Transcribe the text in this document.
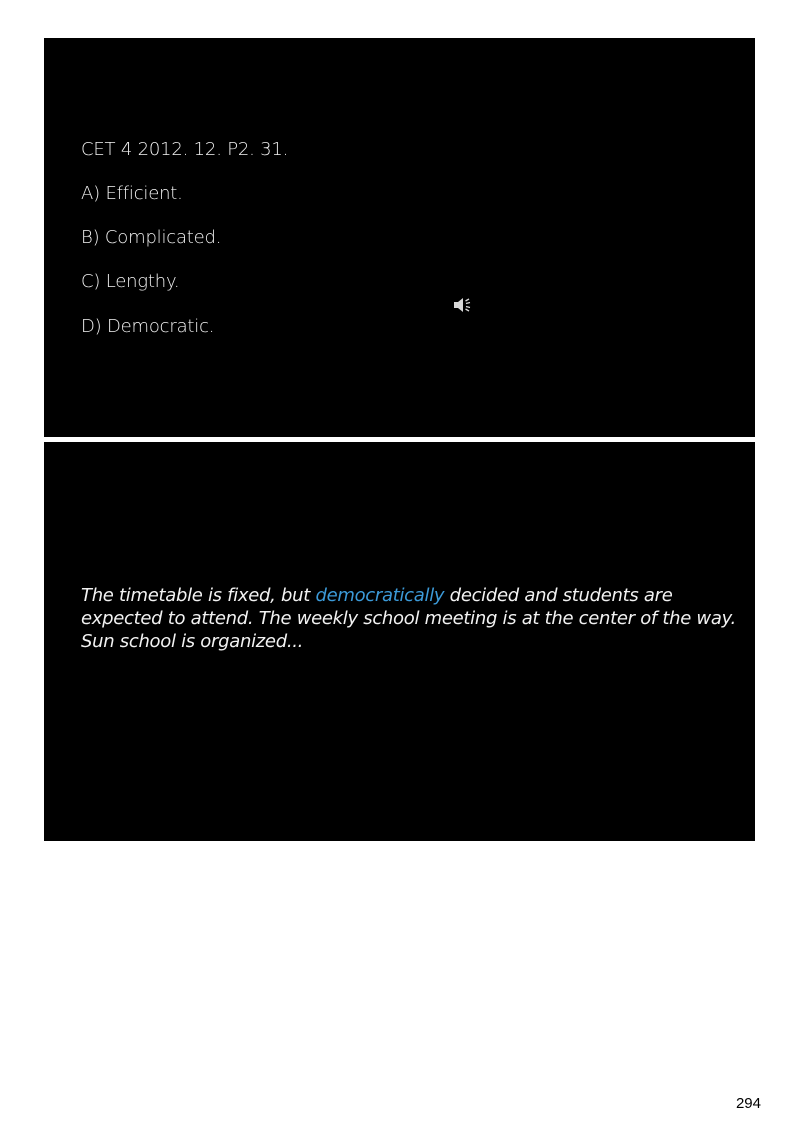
CET 4 2012. 12. P2. 31.
A) Efficient.
B) Complicated.
C) Lengthy.
D) Democratic.
The timetable is fixed, but democratically decided and students are expected to attend. The weekly school meeting is at the center of the way. Sun school is organized...
294
